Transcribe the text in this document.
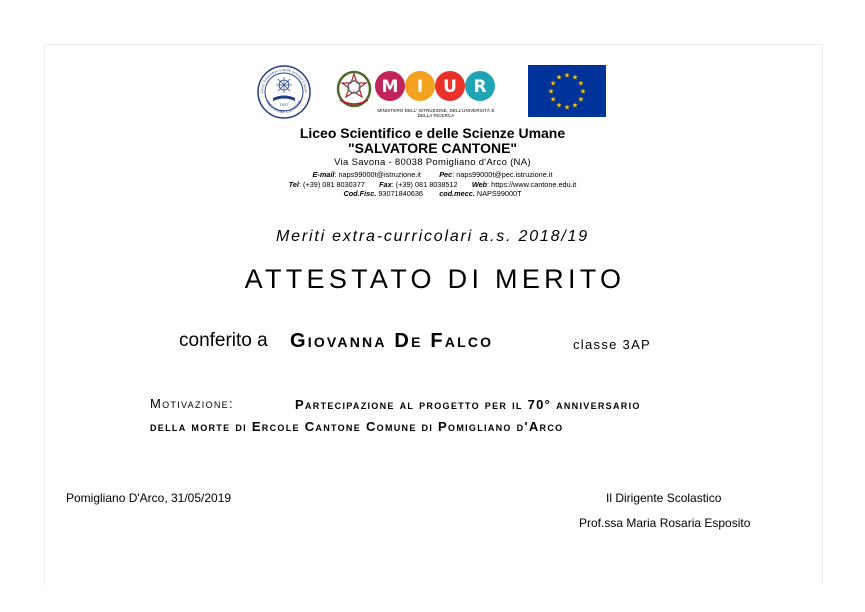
Liceo Scientifico e delle Scienze Umane
SALVATORE CANTONE
1957
M I U R
MINISTERO DELL' ISTRUZIONE, DELL'UNIVERSITÀ E DELLA RICERCA
★ ★
★
★
★
★
★
★
★
★
★
★
Liceo Scientifico e delle Scienze Umane
"SALVATORE CANTONE"
Via Savona - 80038 Pomigliano d'Arco (NA)
E-mail: naps99000t@istruzione.it	Pec: naps99000t@pec.istruzione.it
Tel: (+39) 081 8030377 Fax: (+39) 081 8038512 Web: https://www.cantone.edu.it
Cod.Fisc. 93071840636 cod.mecc. NAPS99000T
Meriti extra-curricolari a.s. 2018/19
ATTESTATO DI MERITO
conferito a Giovanna De Falco	classe 3AP
Motivazione:	Partecipazione al progetto per il 70° anniversario della morte di Ercole Cantone Comune di Pomigliano d'Arco
Pomigliano D'Arco, 31/05/2019	Il Dirigente Scolastico
Prof.ssa Maria Rosaria Esposito
